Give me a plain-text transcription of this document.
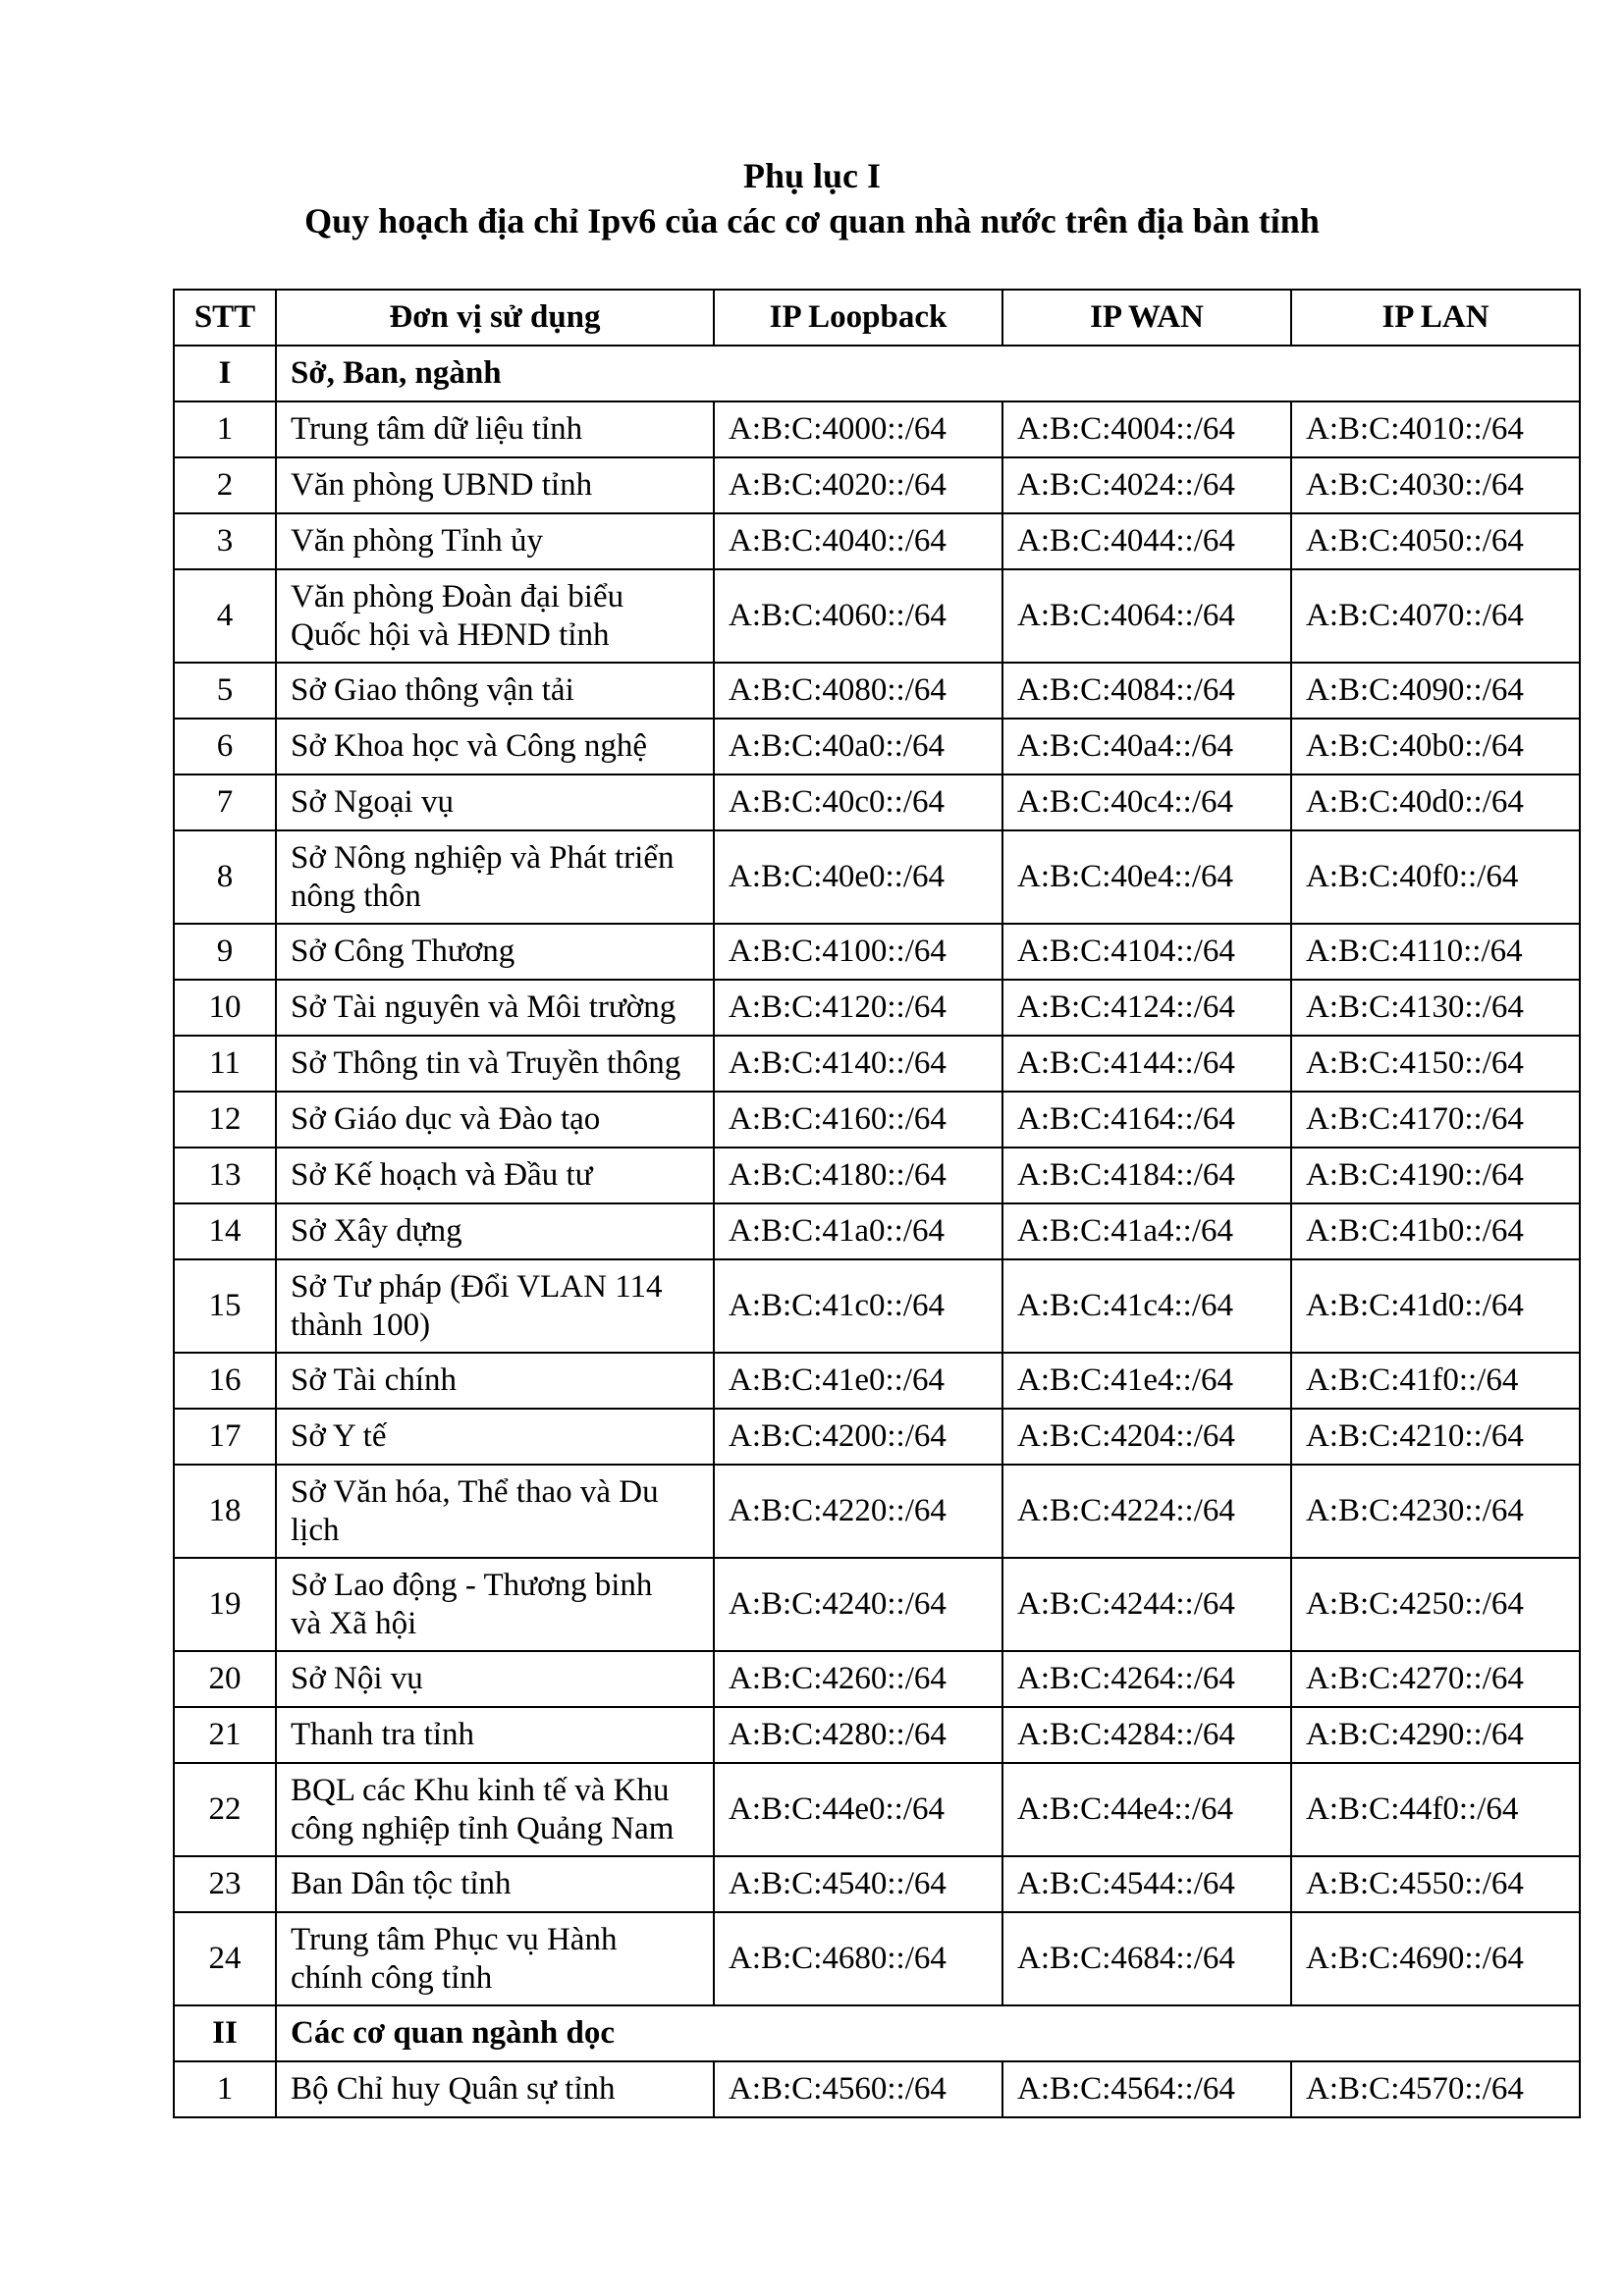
Phụ lục I
Quy hoạch địa chỉ Ipv6 của các cơ quan nhà nước trên địa bàn tỉnh
STT	Đơn vị sử dụng	IP Loopback	IP WAN	IP LAN
I	Sở, Ban, ngành			
1	Trung tâm dữ liệu tỉnh	A:B:C:4000::/64	A:B:C:4004::/64	A:B:C:4010::/64
2	Văn phòng UBND tỉnh	A:B:C:4020::/64	A:B:C:4024::/64	A:B:C:4030::/64
3	Văn phòng Tỉnh ủy	A:B:C:4040::/64	A:B:C:4044::/64	A:B:C:4050::/64
4	Văn phòng Đoàn đại biểu
Quốc hội và HĐND tỉnh	A:B:C:4060::/64	A:B:C:4064::/64	A:B:C:4070::/64
5	Sở Giao thông vận tải	A:B:C:4080::/64	A:B:C:4084::/64	A:B:C:4090::/64
6	Sở Khoa học và Công nghệ	A:B:C:40a0::/64	A:B:C:40a4::/64	A:B:C:40b0::/64
7	Sở Ngoại vụ	A:B:C:40c0::/64	A:B:C:40c4::/64	A:B:C:40d0::/64
8	Sở Nông nghiệp và Phát triển
nông thôn	A:B:C:40e0::/64	A:B:C:40e4::/64	A:B:C:40f0::/64
9	Sở Công Thương	A:B:C:4100::/64	A:B:C:4104::/64	A:B:C:4110::/64
10	Sở Tài nguyên và Môi trường	A:B:C:4120::/64	A:B:C:4124::/64	A:B:C:4130::/64
11	Sở Thông tin và Truyền thông	A:B:C:4140::/64	A:B:C:4144::/64	A:B:C:4150::/64
12	Sở Giáo dục và Đào tạo	A:B:C:4160::/64	A:B:C:4164::/64	A:B:C:4170::/64
13	Sở Kế hoạch và Đầu tư	A:B:C:4180::/64	A:B:C:4184::/64	A:B:C:4190::/64
14	Sở Xây dựng	A:B:C:41a0::/64	A:B:C:41a4::/64	A:B:C:41b0::/64
15	Sở Tư pháp (Đổi VLAN 114
thành 100)	A:B:C:41c0::/64	A:B:C:41c4::/64	A:B:C:41d0::/64
16	Sở Tài chính	A:B:C:41e0::/64	A:B:C:41e4::/64	A:B:C:41f0::/64
17	Sở Y tế	A:B:C:4200::/64	A:B:C:4204::/64	A:B:C:4210::/64
18	Sở Văn hóa, Thể thao và Du
lịch	A:B:C:4220::/64	A:B:C:4224::/64	A:B:C:4230::/64
19	Sở Lao động - Thương binh
và Xã hội	A:B:C:4240::/64	A:B:C:4244::/64	A:B:C:4250::/64
20	Sở Nội vụ	A:B:C:4260::/64	A:B:C:4264::/64	A:B:C:4270::/64
21	Thanh tra tỉnh	A:B:C:4280::/64	A:B:C:4284::/64	A:B:C:4290::/64
22	BQL các Khu kinh tế và Khu
công nghiệp tỉnh Quảng Nam	A:B:C:44e0::/64	A:B:C:44e4::/64	A:B:C:44f0::/64
23	Ban Dân tộc tỉnh	A:B:C:4540::/64	A:B:C:4544::/64	A:B:C:4550::/64
24	Trung tâm Phục vụ Hành
chính công tỉnh	A:B:C:4680::/64	A:B:C:4684::/64	A:B:C:4690::/64
II	Các cơ quan ngành dọc			
1	Bộ Chỉ huy Quân sự tỉnh	A:B:C:4560::/64	A:B:C:4564::/64	A:B:C:4570::/64
